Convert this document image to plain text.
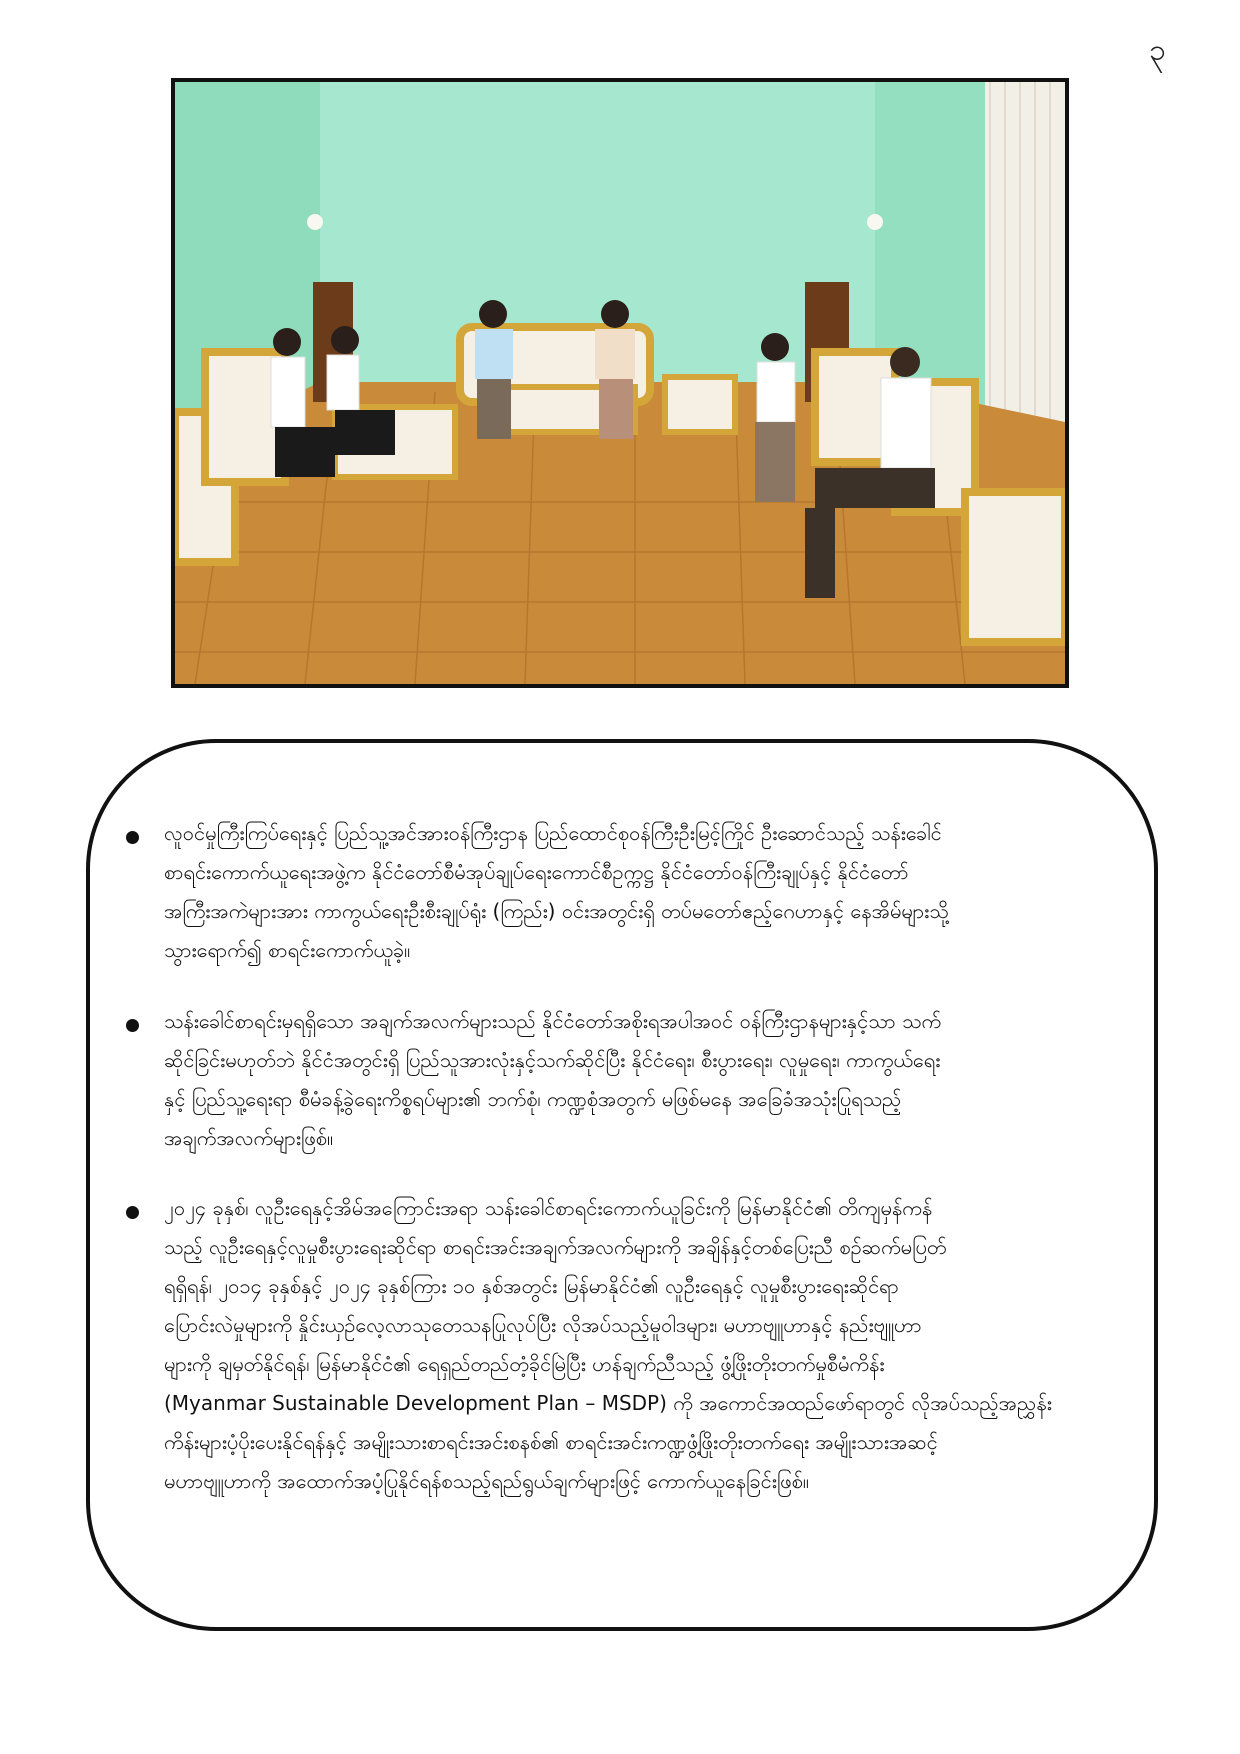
၃
လူဝင်မှုကြီးကြပ်ရေးနှင့် ပြည်သူ့အင်အားဝန်ကြီးဌာန ပြည်ထောင်စုဝန်ကြီးဦးမြင့်ကြိုင် ဦးဆောင်သည့် သန်းခေါင်
စာရင်းကောက်ယူရေးအဖွဲ့က နိုင်ငံတော်စီမံအုပ်ချုပ်ရေးကောင်စီဥက္ကဋ္ဌ နိုင်ငံတော်ဝန်ကြီးချုပ်နှင့် နိုင်ငံတော်
အကြီးအကဲများအား ကာကွယ်ရေးဦးစီးချုပ်ရုံး (ကြည်း) ဝင်းအတွင်းရှိ တပ်မတော်ဧည့်ဂေဟာနှင့် နေအိမ်များသို့
သွားရောက်၍ စာရင်းကောက်ယူခဲ့။
သန်းခေါင်စာရင်းမှရရှိသော အချက်အလက်များသည် နိုင်ငံတော်အစိုးရအပါအဝင် ဝန်ကြီးဌာနများနှင့်သာ သက်
ဆိုင်ခြင်းမဟုတ်ဘဲ နိုင်ငံအတွင်းရှိ ပြည်သူအားလုံးနှင့်သက်ဆိုင်ပြီး နိုင်ငံရေး၊ စီးပွားရေး၊ လူမှုရေး၊ ကာကွယ်ရေး
နှင့် ပြည်သူ့ရေးရာ စီမံခန့်ခွဲရေးကိစ္စရပ်များ၏ ဘက်စုံ၊ ကဏ္ဍစုံအတွက် မဖြစ်မနေ အခြေခံအသုံးပြုရသည့်
အချက်အလက်များဖြစ်။
၂၀၂၄ ခုနှစ်၊ လူဦးရေနှင့်အိမ်အကြောင်းအရာ သန်းခေါင်စာရင်းကောက်ယူခြင်းကို မြန်မာနိုင်ငံ၏ တိကျမှန်ကန်
သည့် လူဦးရေနှင့်လူမှုစီးပွားရေးဆိုင်ရာ စာရင်းအင်းအချက်အလက်များကို အချိန်နှင့်တစ်ပြေးညီ စဉ်ဆက်မပြတ်
ရရှိရန်၊ ၂၀၁၄ ခုနှစ်နှင့် ၂၀၂၄ ခုနှစ်ကြား ၁၀ နှစ်အတွင်း မြန်မာနိုင်ငံ၏ လူဦးရေနှင့် လူမှုစီးပွားရေးဆိုင်ရာ
ပြောင်းလဲမှုများကို နှိုင်းယှဉ်လေ့လာသုတေသနပြုလုပ်ပြီး လိုအပ်သည့်မူဝါဒများ၊ မဟာဗျူဟာနှင့် နည်းဗျူဟာ
များကို ချမှတ်နိုင်ရန်၊ မြန်မာနိုင်ငံ၏ ရေရှည်တည်တံ့ခိုင်မြဲပြီး ဟန်ချက်ညီသည့် ဖွံ့ဖြိုးတိုးတက်မှုစီမံကိန်း
(Myanmar Sustainable Development Plan – MSDP) ကို အကောင်အထည်ဖော်ရာတွင် လိုအပ်သည့်အညွှန်း
ကိန်းများပံ့ပိုးပေးနိုင်ရန်နှင့် အမျိုးသားစာရင်းအင်းစနစ်၏ စာရင်းအင်းကဏ္ဍဖွံ့ဖြိုးတိုးတက်ရေး အမျိုးသားအဆင့်
မဟာဗျူဟာကို အထောက်အပံ့ပြုနိုင်ရန်စသည့်ရည်ရွယ်ချက်များဖြင့် ကောက်ယူနေခြင်းဖြစ်။
